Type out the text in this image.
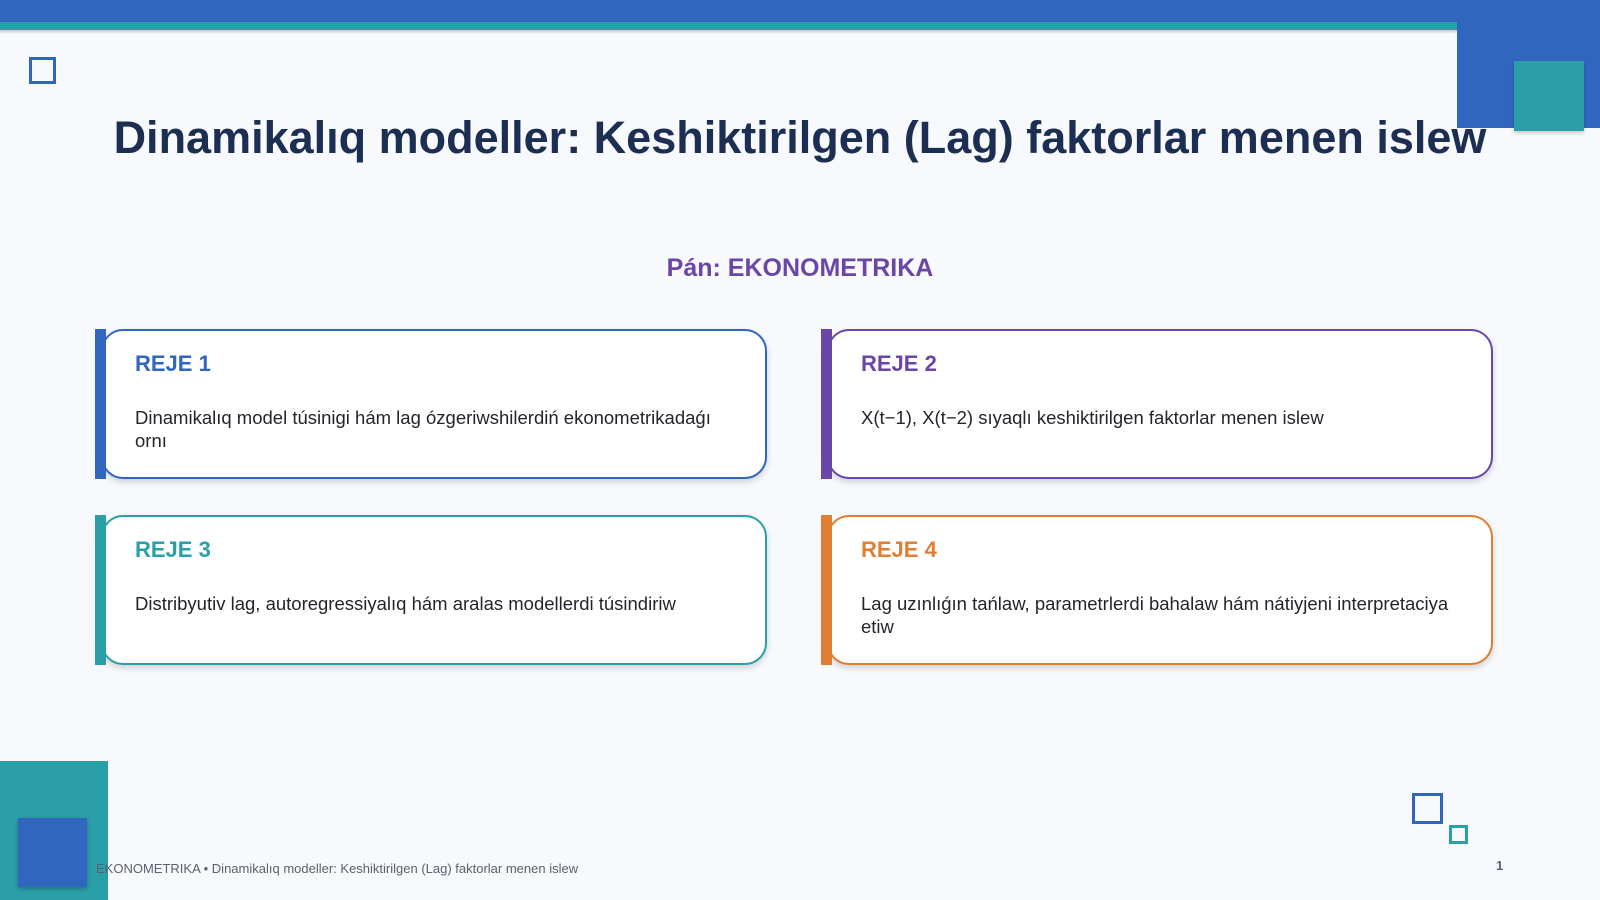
Dinamikalıq modeller: Keshiktirilgen (Lag) faktorlar menen islew
Pán: EKONOMETRIKA
REJE 1
Dinamikalıq model túsinigi hám lag ózgeriwshilerdiń ekonometrikadaǵı ornı
REJE 2
X(t−1), X(t−2) sıyaqlı keshiktirilgen faktorlar menen islew
REJE 3
Distribyutiv lag, autoregressiyalıq hám aralas modellerdi túsindiriw
REJE 4
Lag uzınlıǵın tańlaw, parametrlerdi bahalaw hám nátiyjeni interpretaciya etiw
EKONOMETRIKA • Dinamikalıq modeller: Keshiktirilgen (Lag) faktorlar menen islew	1
